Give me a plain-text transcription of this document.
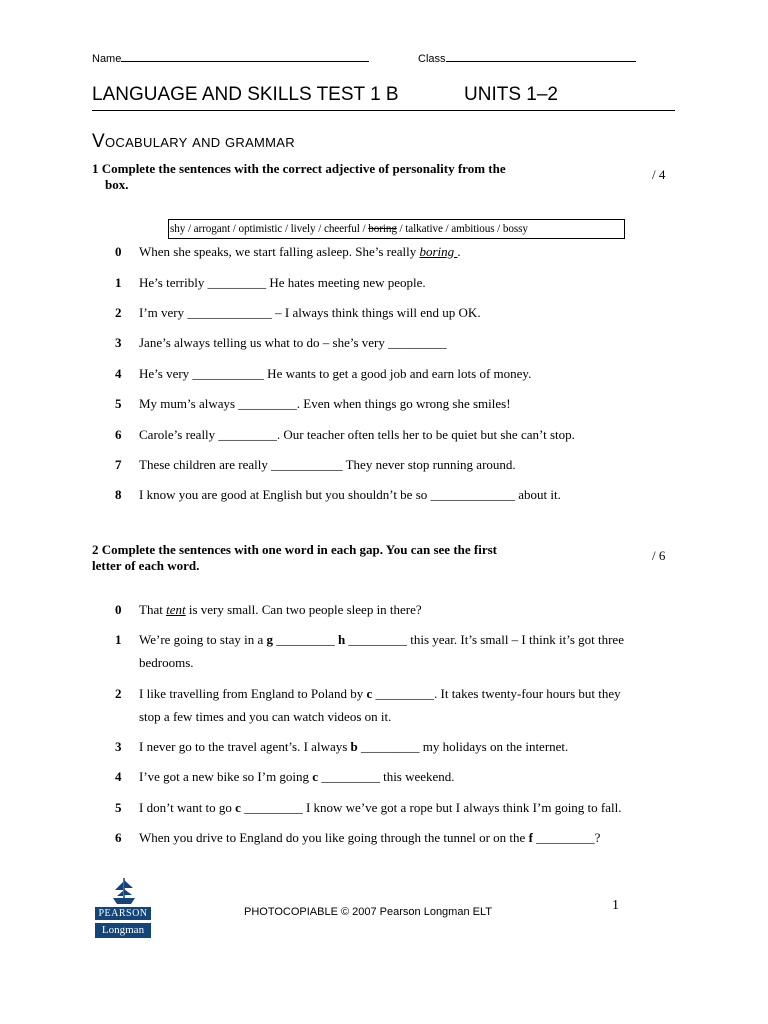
Name	Class
LANGUAGE AND SKILLS TEST 1 B	UNITS 1–2
VOCABULARY AND GRAMMAR
1 Complete the sentences with the correct adjective of personality from the
box.
/ 4
shy / arrogant / optimistic / lively / cheerful / boring / talkative / ambitious / bossy
0 When she speaks, we start falling asleep. She’s really boring .
1 He’s terribly _________ He hates meeting new people.
2 I’m very _____________ – I always think things will end up OK.
3 Jane’s always telling us what to do – she’s very _________
4 He’s very ___________ He wants to get a good job and earn lots of money.
5 My mum’s always _________. Even when things go wrong she smiles!
6 Carole’s really _________. Our teacher often tells her to be quiet but she can’t stop.
7 These children are really ___________ They never stop running around.
8 I know you are good at English but you shouldn’t be so _____________ about it.
2 Complete the sentences with one word in each gap. You can see the first
letter of each word.
/ 6
0 That tent is very small. Can two people sleep in there?
1 We’re going to stay in a g _________ h _________ this year. It’s small – I think it’s got three
bedrooms.
2 I like travelling from England to Poland by c _________. It takes twenty-four hours but they
stop a few times and you can watch videos on it.
3 I never go to the travel agent’s. I always b _________ my holidays on the internet.
4 I’ve got a new bike so I’m going c _________ this weekend.
5 I don’t want to go c _________ I know we’ve got a rope but I always think I’m going to fall.
6 When you drive to England do you like going through the tunnel or on the f _________?
PEARSON
Longman
PHOTOCOPIABLE © 2007 Pearson Longman ELT	1
